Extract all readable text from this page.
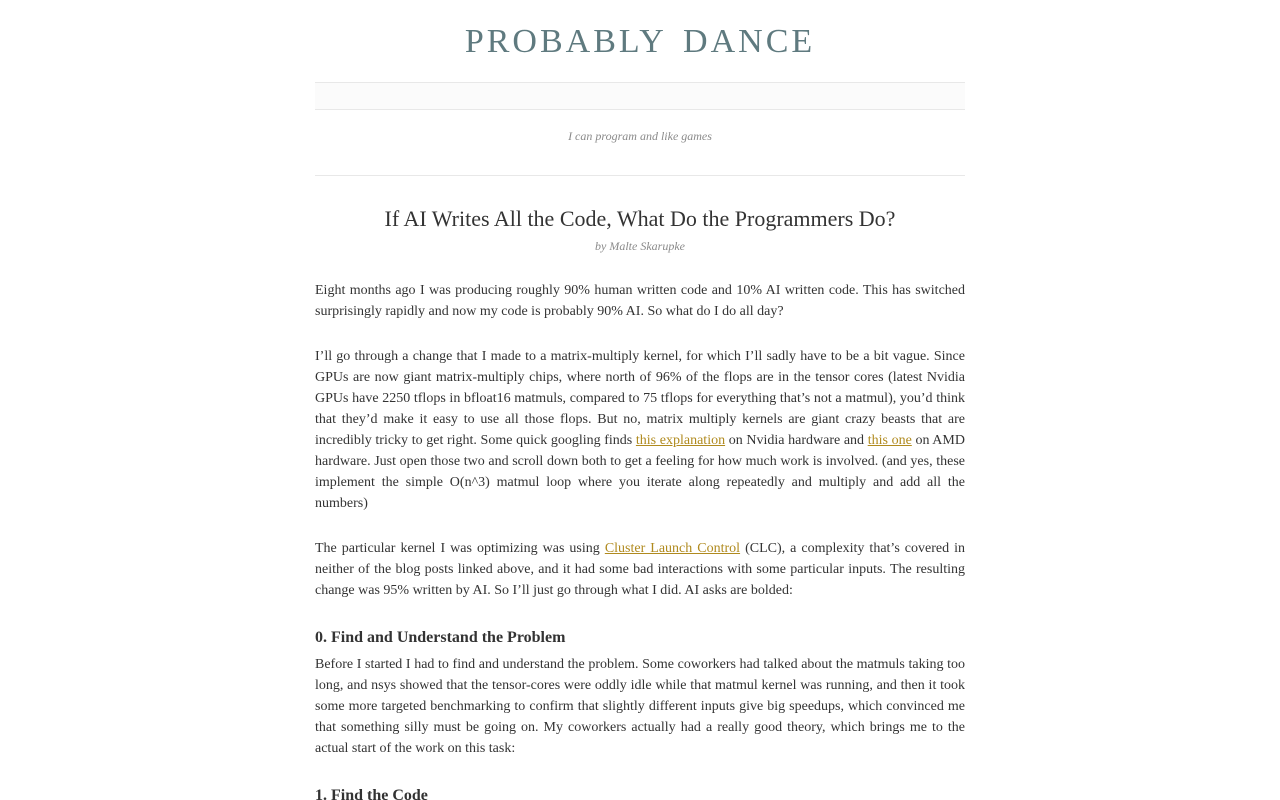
PROBABLY DANCE
I can program and like games
If AI Writes All the Code, What Do the Programmers Do?
by Malte Skarupke

Eight months ago I was producing roughly 90% human written code and 10% AI written code. This has switched surprisingly rapidly and now my code is probably 90% AI. So what do I do all day?

I’ll go through a change that I made to a matrix-multiply kernel, for which I’ll sadly have to be a bit vague. Since GPUs are now giant matrix-multiply chips, where north of 96% of the flops are in the tensor cores (latest Nvidia GPUs have 2250 tflops in bfloat16 matmuls, compared to 75 tflops for everything that’s not a matmul), you’d think that they’d make it easy to use all those flops. But no, matrix multiply kernels are giant crazy beasts that are incredibly tricky to get right. Some quick googling finds this explanation on Nvidia hardware and this one on AMD hardware. Just open those two and scroll down both to get a feeling for how much work is involved. (and yes, these implement the simple O(n^3) matmul loop where you iterate along repeatedly and multiply and add all the numbers)

The particular kernel I was optimizing was using Cluster Launch Control (CLC), a complexity that’s covered in neither of the blog posts linked above, and it had some bad interactions with some particular inputs. The resulting change was 95% written by AI. So I’ll just go through what I did. AI asks are bolded:

0. Find and Understand the Problem

Before I started I had to find and understand the problem. Some coworkers had talked about the matmuls taking too long, and nsys showed that the tensor-cores were oddly idle while that matmul kernel was running, and then it took some more targeted benchmarking to confirm that slightly different inputs give big speedups, which convinced me that something silly must be going on. My coworkers actually had a really good theory, which brings me to the actual start of the work on this task:

1. Find the Code
